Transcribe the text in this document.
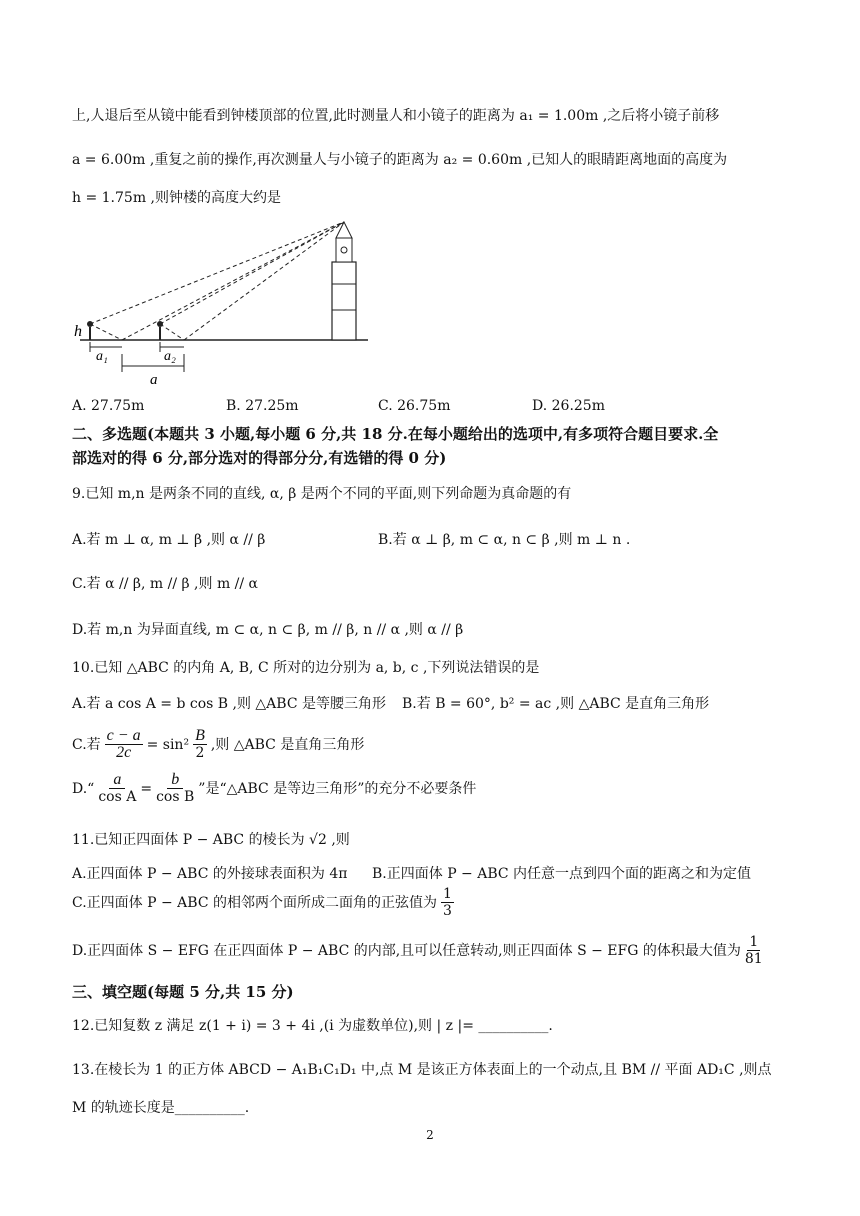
上,人退后至从镜中能看到钟楼顶部的位置,此时测量人和小镜子的距离为 a₁ = 1.00m ,之后将小镜子前移
a = 6.00m ,重复之前的操作,再次测量人与小镜子的距离为 a₂ = 0.60m ,已知人的眼睛距离地面的高度为
h = 1.75m ,则钟楼的高度大约是
h
a₁	a₂
a
A. 27.75m	B. 27.25m	C. 26.75m	D. 26.25m
二、多选题(本题共 3 小题,每小题 6 分,共 18 分.在每小题给出的选项中,有多项符合题目要求.全
部选对的得 6 分,部分选对的得部分分,有选错的得 0 分)
9.已知 m,n 是两条不同的直线, α, β 是两个不同的平面,则下列命题为真命题的有
A.若 m ⊥ α, m ⊥ β ,则 α // β	B.若 α ⊥ β, m ⊂ α, n ⊂ β ,则 m ⊥ n .
C.若 α // β, m // β ,则 m // α
D.若 m,n 为异面直线, m ⊂ α, n ⊂ β, m // β, n // α ,则 α // β
10.已知 △ABC 的内角 A, B, C 所对的边分别为 a, b, c ,下列说法错误的是
A.若 a cos A = b cos B ,则 △ABC 是等腰三角形 B.若 B = 60°, b² = ac ,则 △ABC 是直角三角形
C.若 $\frac{c - a}{2c} = \sin^2 \frac{B}{2}$ ,则 △ABC 是直角三角形
D.“ $\frac{a}{\text{cos A}} = \frac{b}{\text{cos B}}$ ”是“△ABC 是等边三角形”的充分不必要条件
11.已知正四面体 P − ABC 的棱长为 √2 ,则
A.正四面体 P − ABC 的外接球表面积为 4π B.正四面体 P − ABC 内任意一点到四个面的距离之和为定值
C.正四面体 P − ABC 的相邻两个面所成二面角的正弦值为 $\frac{1}{3}$
D.正四面体 S − EFG 在正四面体 P − ABC 的内部,且可以任意转动,则正四面体 S − EFG 的体积最大值为 $\frac{1}{81}$
三、填空题(每题 5 分,共 15 分)
12.已知复数 z 满足 z(1 + i) = 3 + 4i ,(i 为虚数单位),则 | z |= __________.
13.在棱长为 1 的正方体 ABCD − A₁B₁C₁D₁ 中,点 M 是该正方体表面上的一个动点,且 BM // 平面 AD₁C ,则点
M 的轨迹长度是__________.
2
